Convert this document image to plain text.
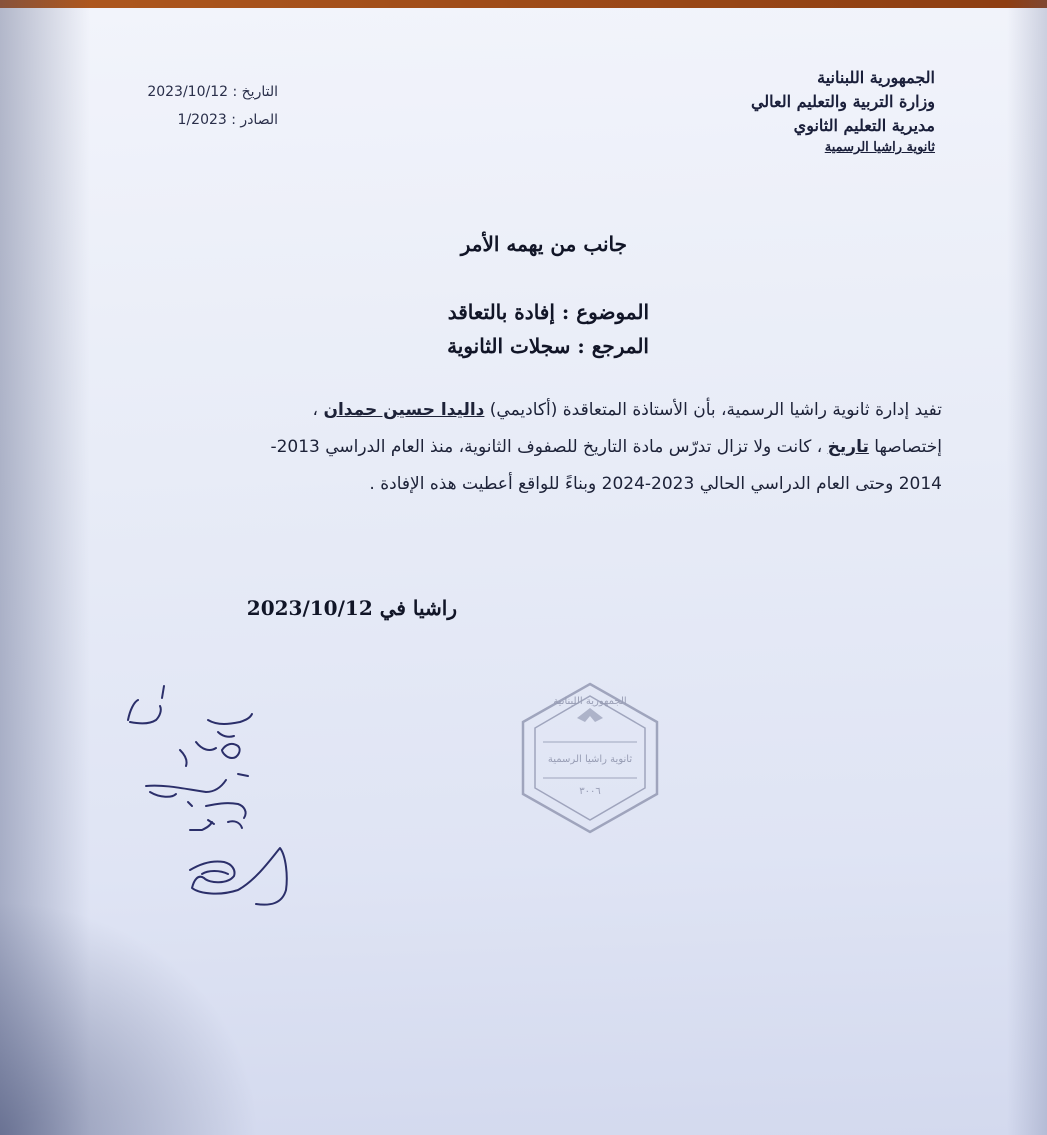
الجمهورية اللبنانية
وزارة التربية والتعليم العالي
مديرية التعليم الثانوي
ثانوية راشيا الرسمية
التاريخ : 2023/10/12
الصادر : 1/2023
جانب من يهمه الأمر
الموضوع : إفادة بالتعاقد
المرجع : سجلات الثانوية

تفيد إدارة ثانوية راشيا الرسمية، بأن الأستاذة المتعاقدة (أكاديمي) داليدا حسين حمدان ،

إختصاصها تاريخ ، كانت ولا تزال تدرّس مادة التاريخ للصفوف الثانوية، منذ العام الدراسي 2013-

2014 وحتى العام الدراسي الحالي 2023-2024 وبناءً للواقع أعطيت هذه الإفادة .

راشيا في 2023/10/12
الجمهورية اللبنانية
ثانوية راشيا الرسمية
٣٠٠٦
مدير الثانوية الرسمية
